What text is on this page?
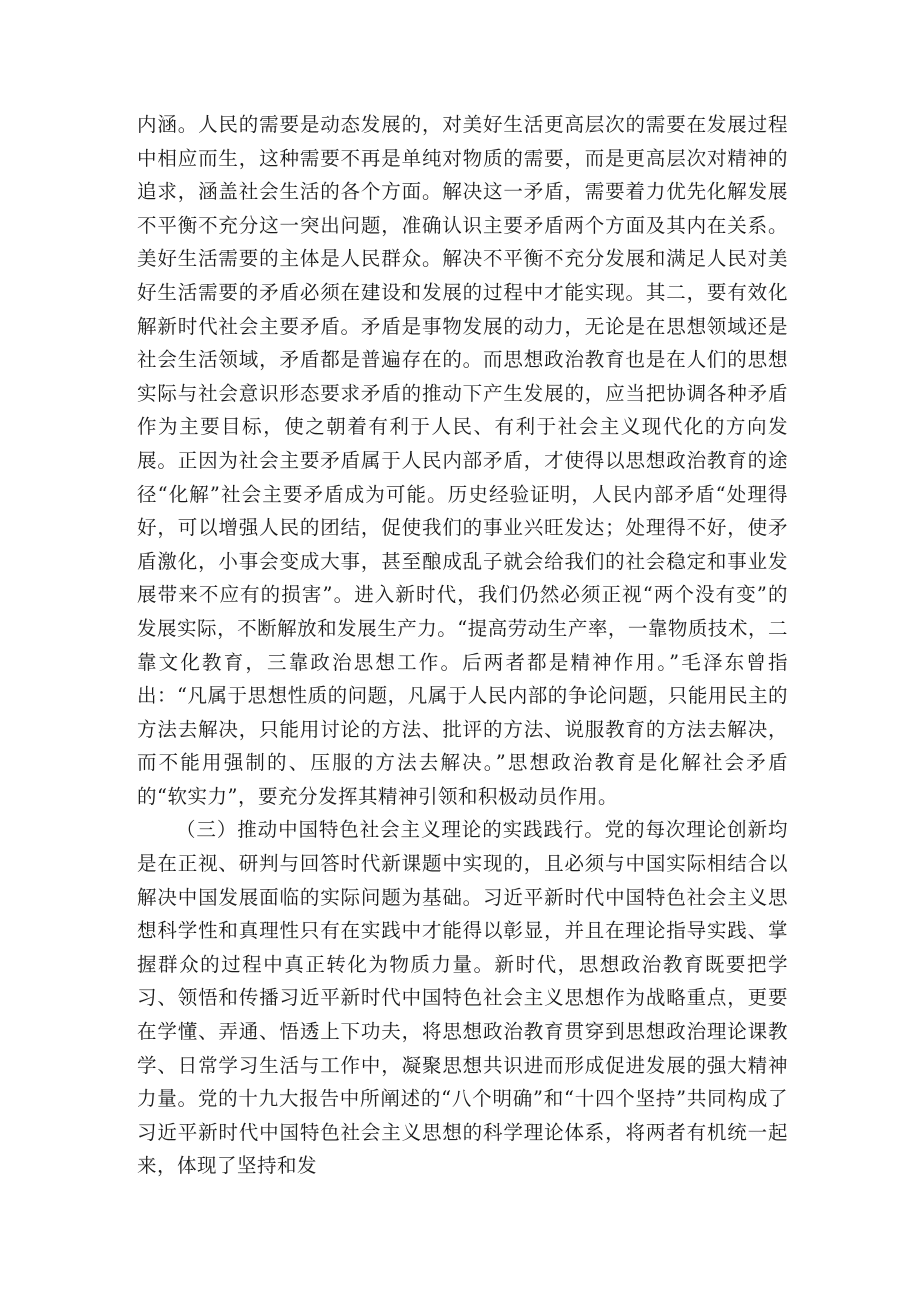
内涵。人民的需要是动态发展的，对美好生活更高层次的需要在发展过程中相应而生，这种需要不再是单纯对物质的需要，而是更高层次对精神的追求，涵盖社会生活的各个方面。解决这一矛盾，需要着力优先化解发展不平衡不充分这一突出问题，准确认识主要矛盾两个方面及其内在关系。美好生活需要的主体是人民群众。解决不平衡不充分发展和满足人民对美好生活需要的矛盾必须在建设和发展的过程中才能实现。其二，要有效化解新时代社会主要矛盾。矛盾是事物发展的动力，无论是在思想领域还是社会生活领域，矛盾都是普遍存在的。而思想政治教育也是在人们的思想实际与社会意识形态要求矛盾的推动下产生发展的，应当把协调各种矛盾作为主要目标，使之朝着有利于人民、有利于社会主义现代化的方向发展。正因为社会主要矛盾属于人民内部矛盾，才使得以思想政治教育的途径“化解”社会主要矛盾成为可能。历史经验证明，人民内部矛盾“处理得好，可以增强人民的团结，促使我们的事业兴旺发达；处理得不好，使矛盾激化，小事会变成大事，甚至酿成乱子就会给我们的社会稳定和事业发展带来不应有的损害”。进入新时代，我们仍然必须正视“两个没有变”的发展实际，不断解放和发展生产力。“提高劳动生产率，一靠物质技术，二靠文化教育，三靠政治思想工作。后两者都是精神作用。”毛泽东曾指出：“凡属于思想性质的问题，凡属于人民内部的争论问题，只能用民主的方法去解决，只能用讨论的方法、批评的方法、说服教育的方法去解决，而不能用强制的、压服的方法去解决。”思想政治教育是化解社会矛盾的“软实力”，要充分发挥其精神引领和积极动员作用。

（三）推动中国特色社会主义理论的实践践行。党的每次理论创新均是在正视、研判与回答时代新课题中实现的，且必须与中国实际相结合以解决中国发展面临的实际问题为基础。习近平新时代中国特色社会主义思想科学性和真理性只有在实践中才能得以彰显，并且在理论指导实践、掌握群众的过程中真正转化为物质力量。新时代，思想政治教育既要把学习、领悟和传播习近平新时代中国特色社会主义思想作为战略重点，更要在学懂、弄通、悟透上下功夫，将思想政治教育贯穿到思想政治理论课教学、日常学习生活与工作中，凝聚思想共识进而形成促进发展的强大精神力量。党的十九大报告中所阐述的“八个明确”和“十四个坚持”共同构成了习近平新时代中国特色社会主义思想的科学理论体系，将两者有机统一起来，体现了坚持和发
